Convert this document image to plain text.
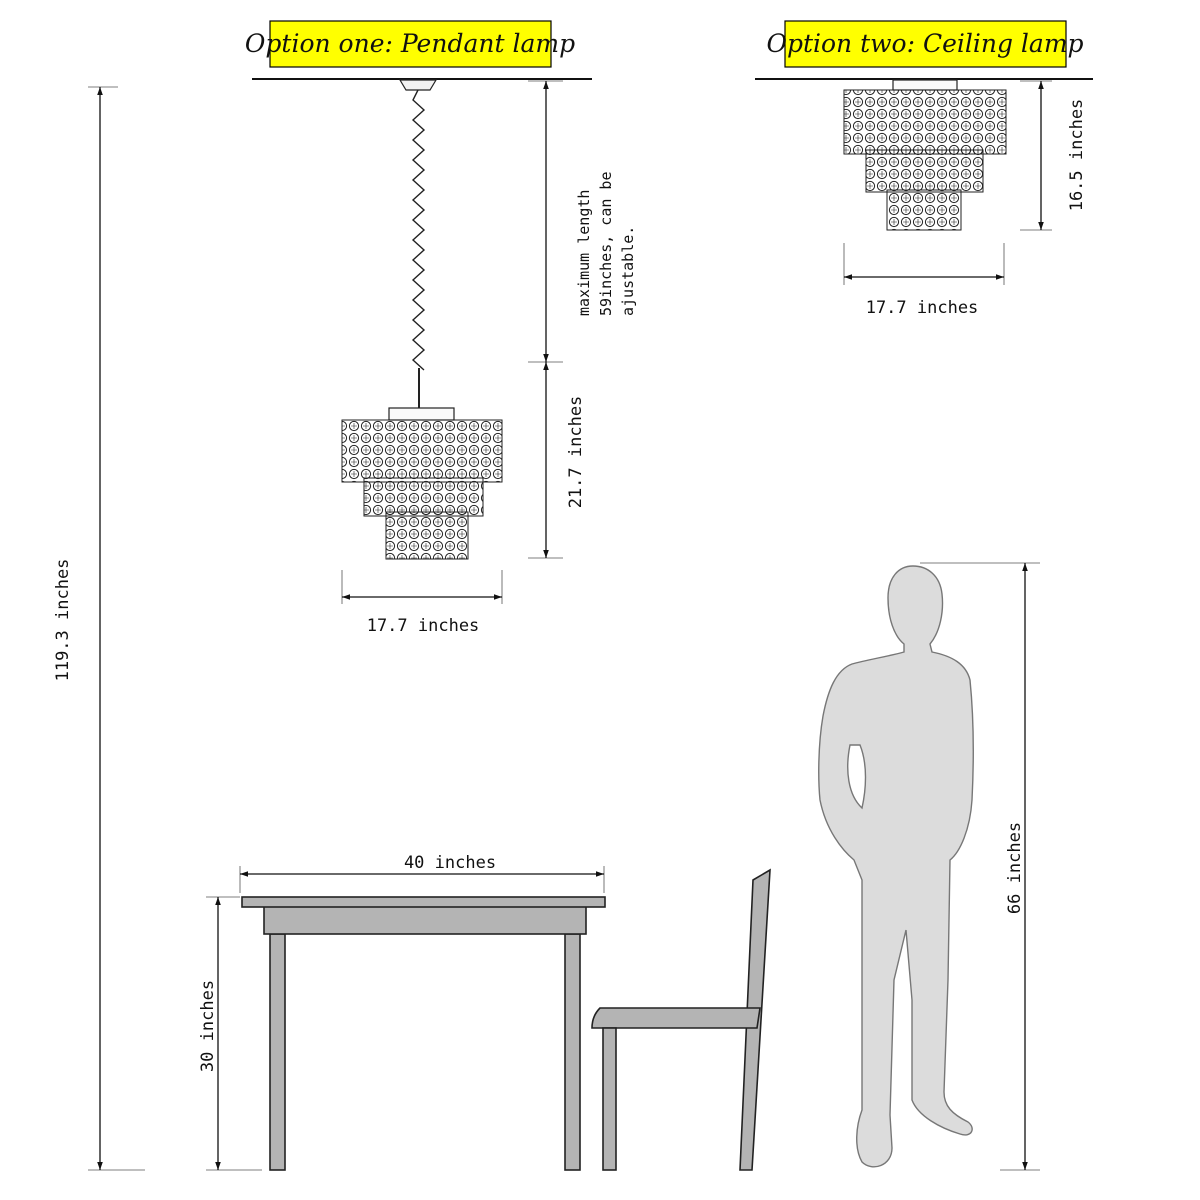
Option one: Pendant lamp
maximum length 59inches, can be ajustable.
21.7 inches
17.7 inches
Option two: Ceiling lamp
16.5 inches
17.7 inches
119.3 inches
40 inches
30 inches
66 inches
